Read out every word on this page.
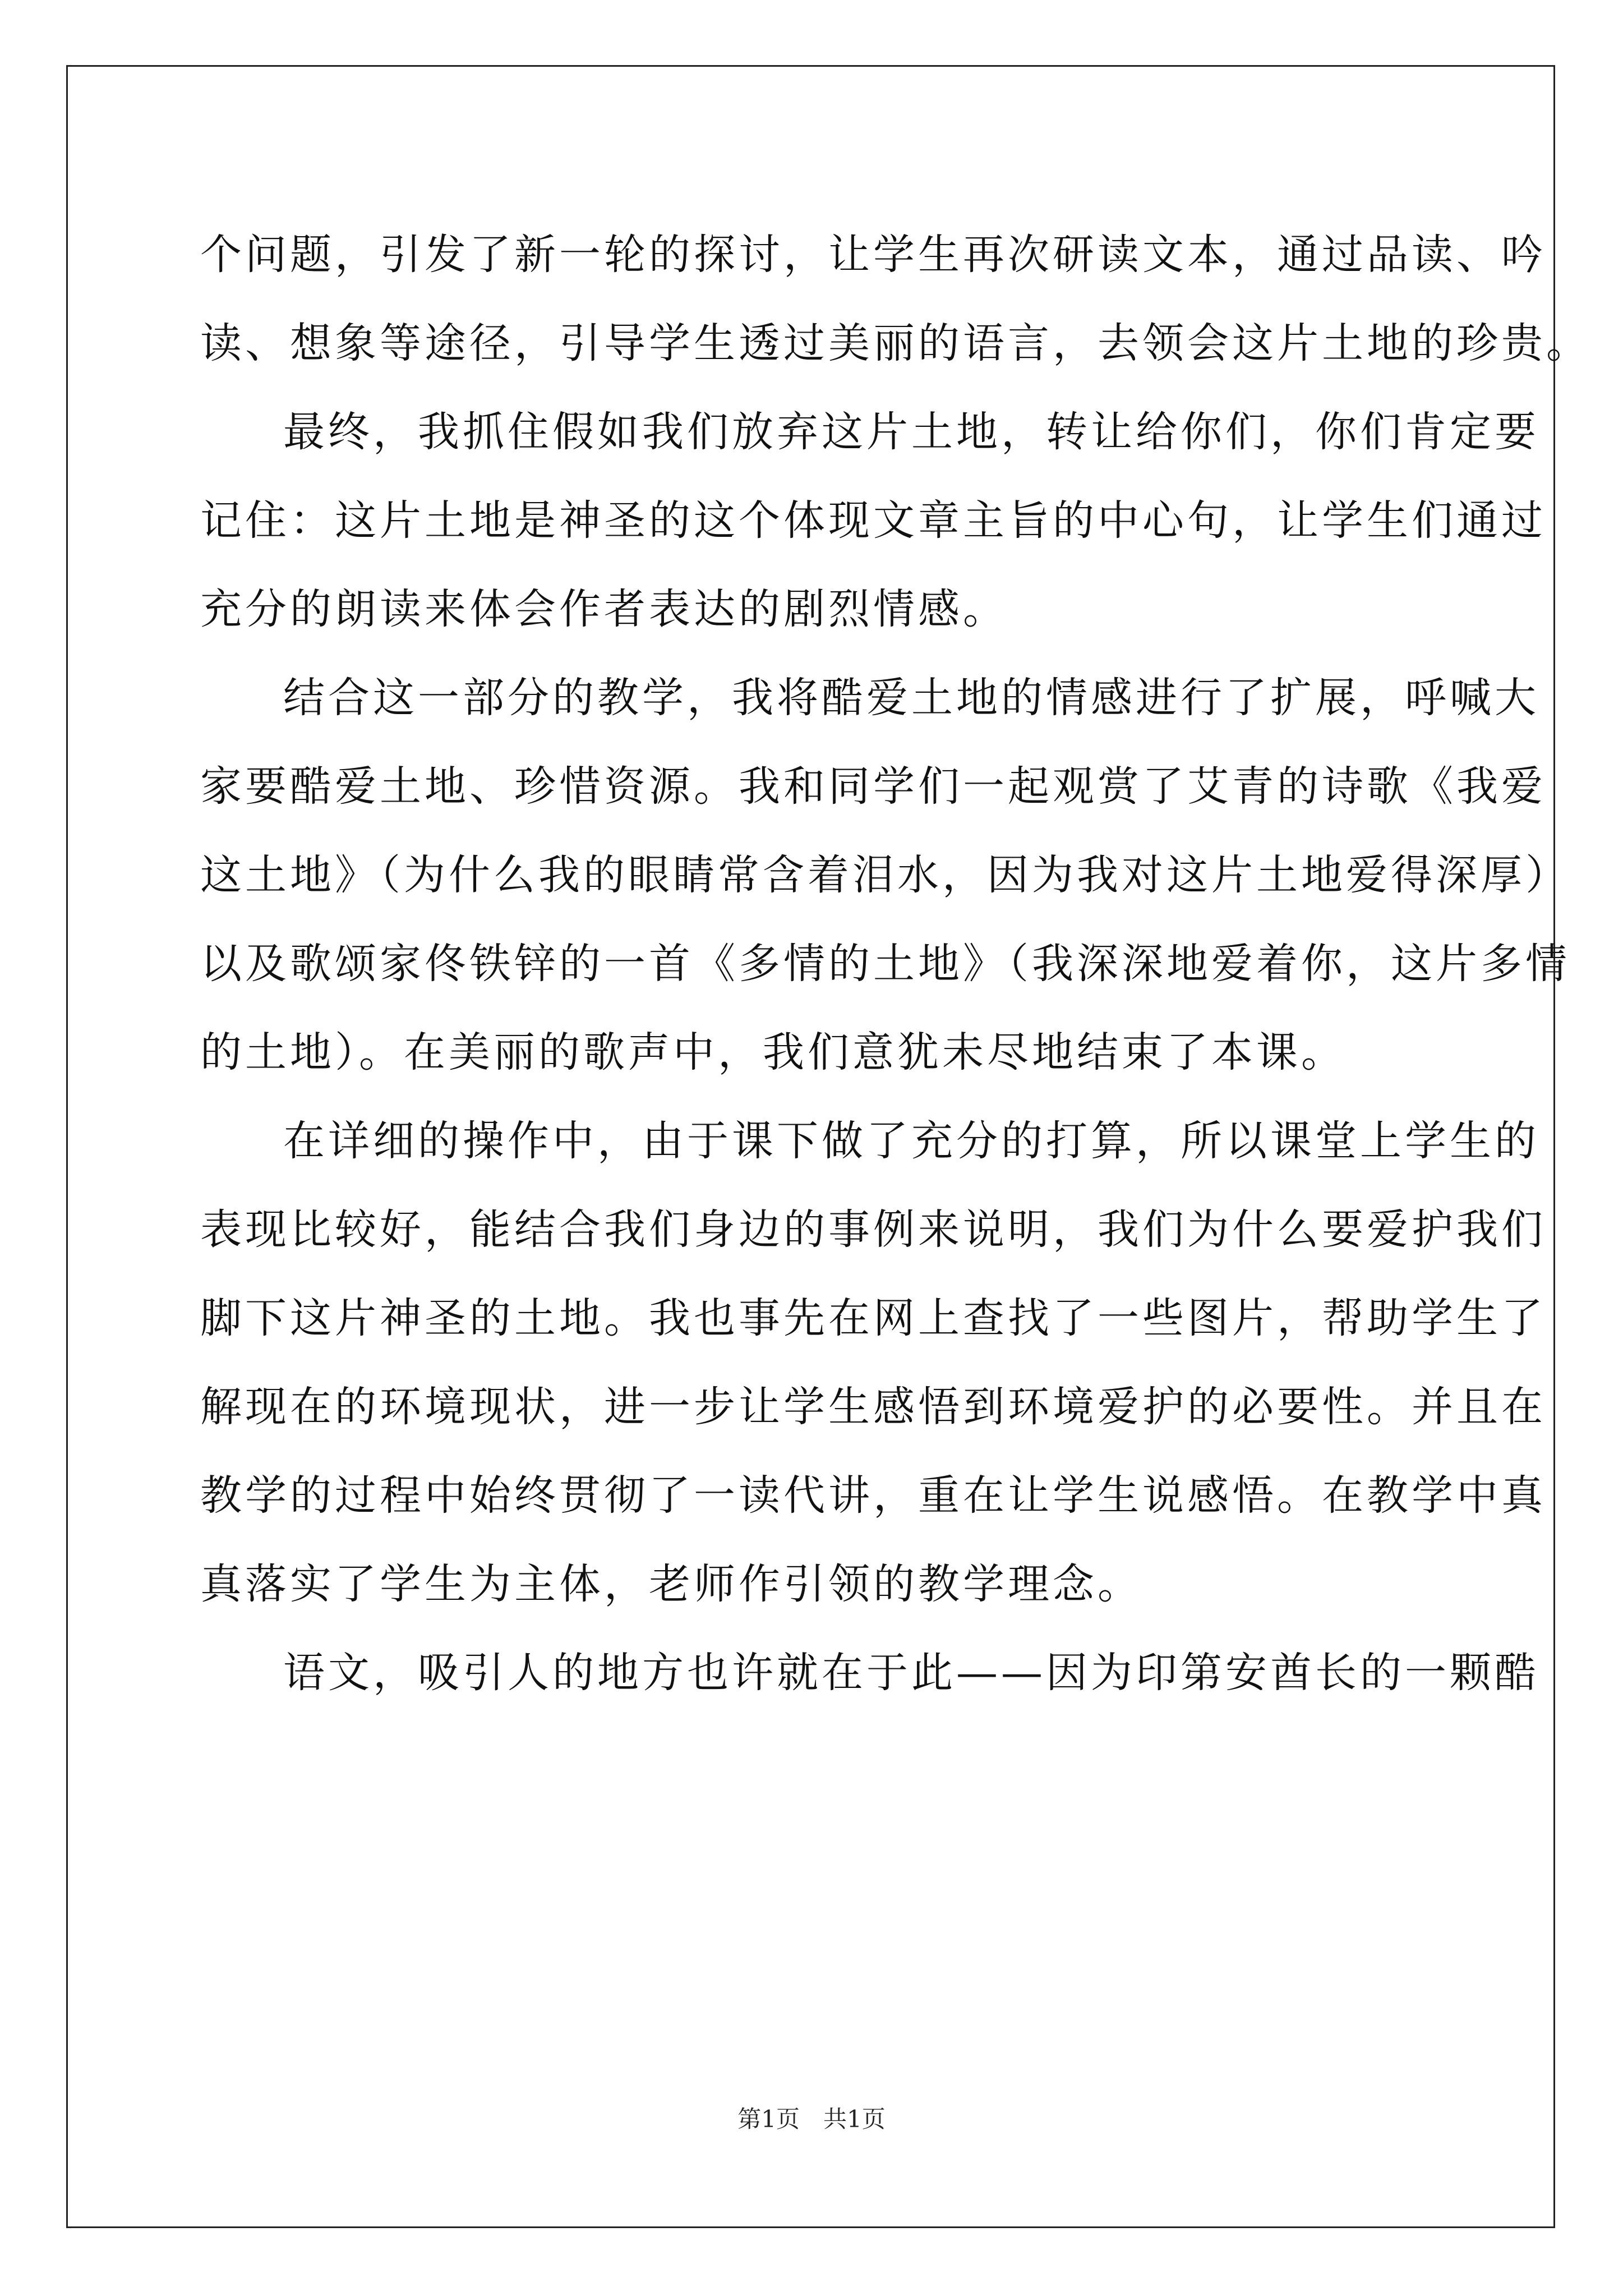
个问题，引发了新一轮的探讨，让学生再次研读文本，通过品读、吟
读、想象等途径，引导学生透过美丽的语言，去领会这片土地的珍贵。
最终，我抓住假如我们放弃这片土地，转让给你们，你们肯定要
记住：这片土地是神圣的这个体现文章主旨的中心句，让学生们通过
充分的朗读来体会作者表达的剧烈情感。
结合这一部分的教学，我将酷爱土地的情感进行了扩展，呼喊大
家要酷爱土地、珍惜资源。我和同学们一起观赏了艾青的诗歌《我爱
这土地》（为什么我的眼睛常含着泪水，因为我对这片土地爱得深厚）
以及歌颂家佟铁锌的一首《多情的土地》（我深深地爱着你，这片多情
的土地）。在美丽的歌声中，我们意犹未尽地结束了本课。
在详细的操作中，由于课下做了充分的打算，所以课堂上学生的
表现比较好，能结合我们身边的事例来说明，我们为什么要爱护我们
脚下这片神圣的土地。我也事先在网上查找了一些图片，帮助学生了
解现在的环境现状，进一步让学生感悟到环境爱护的必要性。并且在
教学的过程中始终贯彻了一读代讲，重在让学生说感悟。在教学中真
真落实了学生为主体，老师作引领的教学理念。
语文，吸引人的地方也许就在于此——因为印第安酋长的一颗酷
第1页　共1页
